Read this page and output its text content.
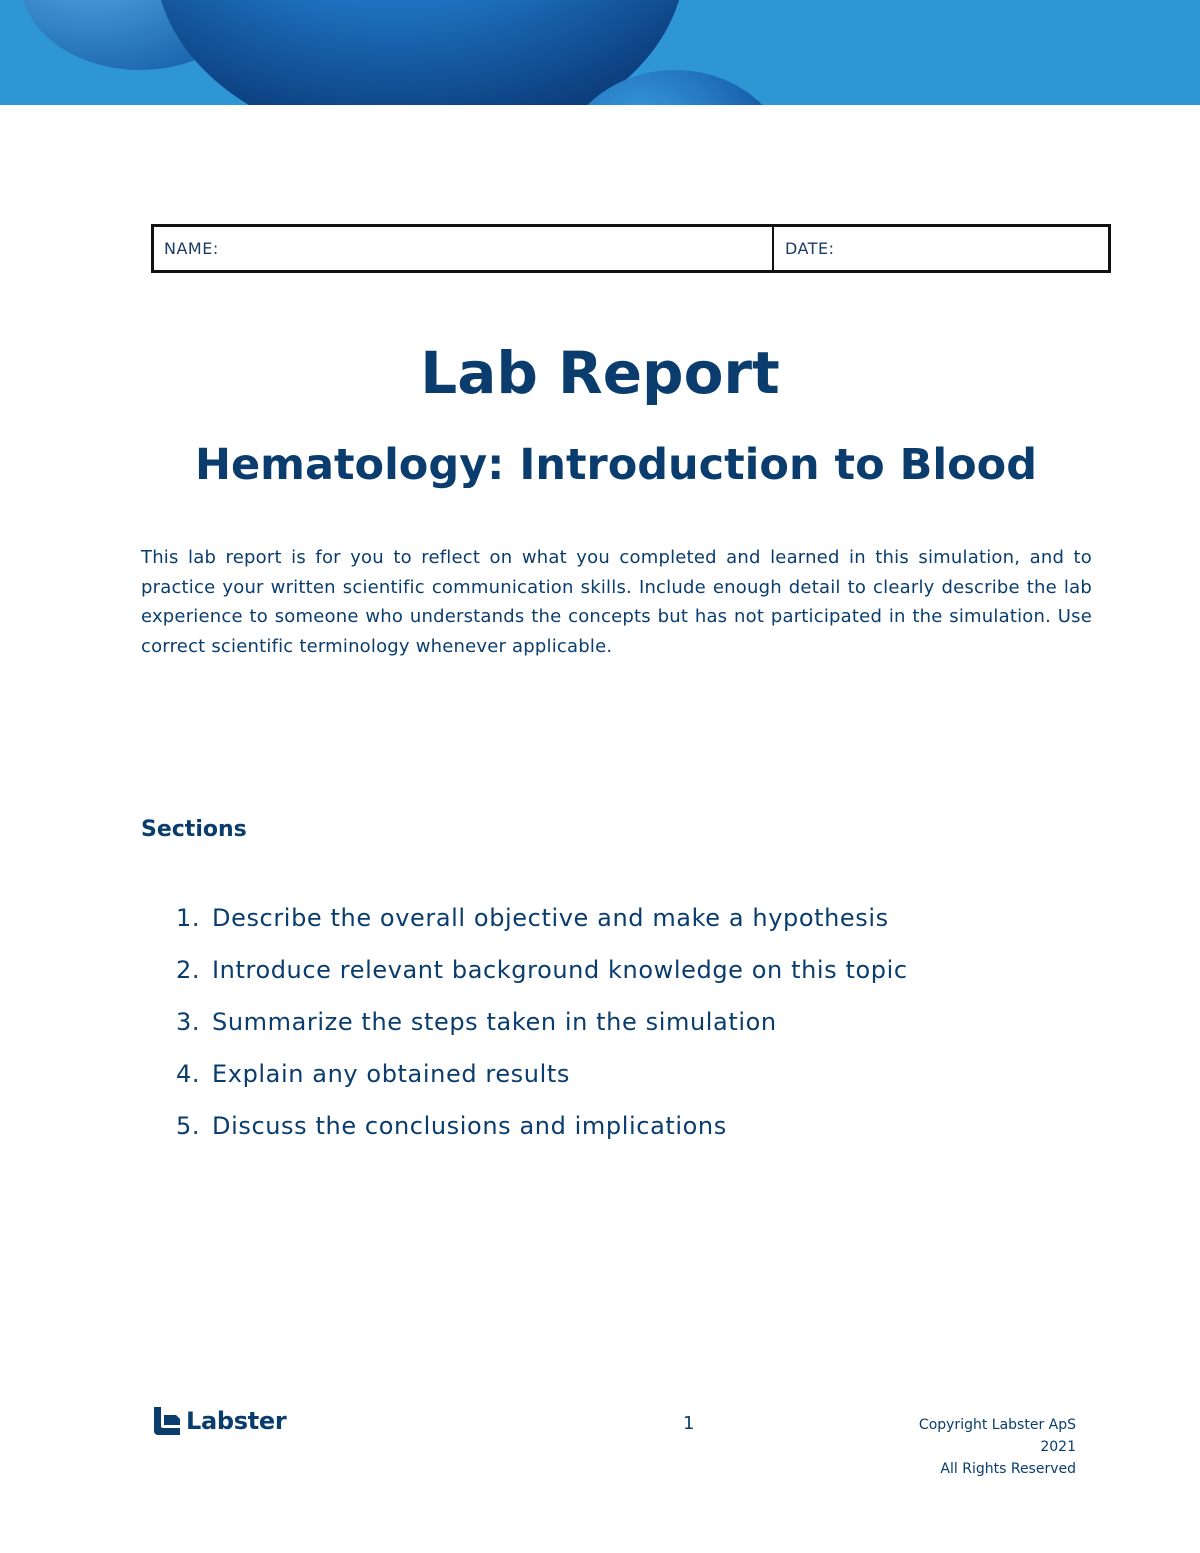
NAME:	DATE:
Lab Report
Hematology: Introduction to Blood

This lab report is for you to reflect on what you completed and learned in this simulation, and to practice your written scientific communication skills. Include enough detail to clearly describe the lab experience to someone who understands the concepts but has not participated in the simulation. Use correct scientific terminology whenever applicable.

Sections
1. Describe the overall objective and make a hypothesis
2. Introduce relevant background knowledge on this topic
3. Summarize the steps taken in the simulation
4. Explain any obtained results
5. Discuss the conclusions and implications
Labster	1	Copyright Labster ApS
2021
All Rights Reserved
